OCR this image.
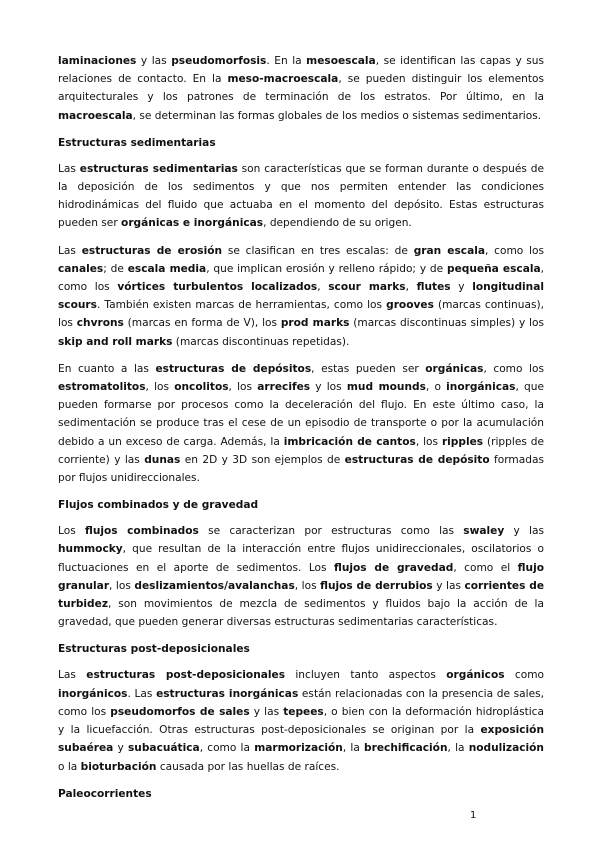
laminaciones y las pseudomorfosis. En la mesoescala, se identifican las capas y sus relaciones de contacto. En la meso-macroescala, se pueden distinguir los elementos arquitecturales y los patrones de terminación de los estratos. Por último, en la macroescala, se determinan las formas globales de los medios o sistemas sedimentarios.

Estructuras sedimentarias

Las estructuras sedimentarias son características que se forman durante o después de la deposición de los sedimentos y que nos permiten entender las condiciones hidrodinámicas del fluido que actuaba en el momento del depósito. Estas estructuras pueden ser orgánicas e inorgánicas, dependiendo de su origen.

Las estructuras de erosión se clasifican en tres escalas: de gran escala, como los canales; de escala media, que implican erosión y relleno rápido; y de pequeña escala, como los vórtices turbulentos localizados, scour marks, flutes y longitudinal scours. También existen marcas de herramientas, como los grooves (marcas continuas), los chvrons (marcas en forma de V), los prod marks (marcas discontinuas simples) y los skip and roll marks (marcas discontinuas repetidas).

En cuanto a las estructuras de depósitos, estas pueden ser orgánicas, como los estromatolitos, los oncolitos, los arrecifes y los mud mounds, o inorgánicas, que pueden formarse por procesos como la deceleración del flujo. En este último caso, la sedimentación se produce tras el cese de un episodio de transporte o por la acumulación debido a un exceso de carga. Además, la imbricación de cantos, los ripples (ripples de corriente) y las dunas en 2D y 3D son ejemplos de estructuras de depósito formadas por flujos unidireccionales.

Flujos combinados y de gravedad

Los flujos combinados se caracterizan por estructuras como las swaley y las hummocky, que resultan de la interacción entre flujos unidireccionales, oscilatorios o fluctuaciones en el aporte de sedimentos. Los flujos de gravedad, como el flujo granular, los deslizamientos/avalanchas, los flujos de derrubios y las corrientes de turbidez, son movimientos de mezcla de sedimentos y fluidos bajo la acción de la gravedad, que pueden generar diversas estructuras sedimentarias características.

Estructuras post-deposicionales

Las estructuras post-deposicionales incluyen tanto aspectos orgánicos como inorgánicos. Las estructuras inorgánicas están relacionadas con la presencia de sales, como los pseudomorfos de sales y las tepees, o bien con la deformación hidroplástica y la licuefacción. Otras estructuras post-deposicionales se originan por la exposición subaérea y subacuática, como la marmorización, la brechificación, la nodulización o la bioturbación causada por las huellas de raíces.

Paleocorrientes
1
